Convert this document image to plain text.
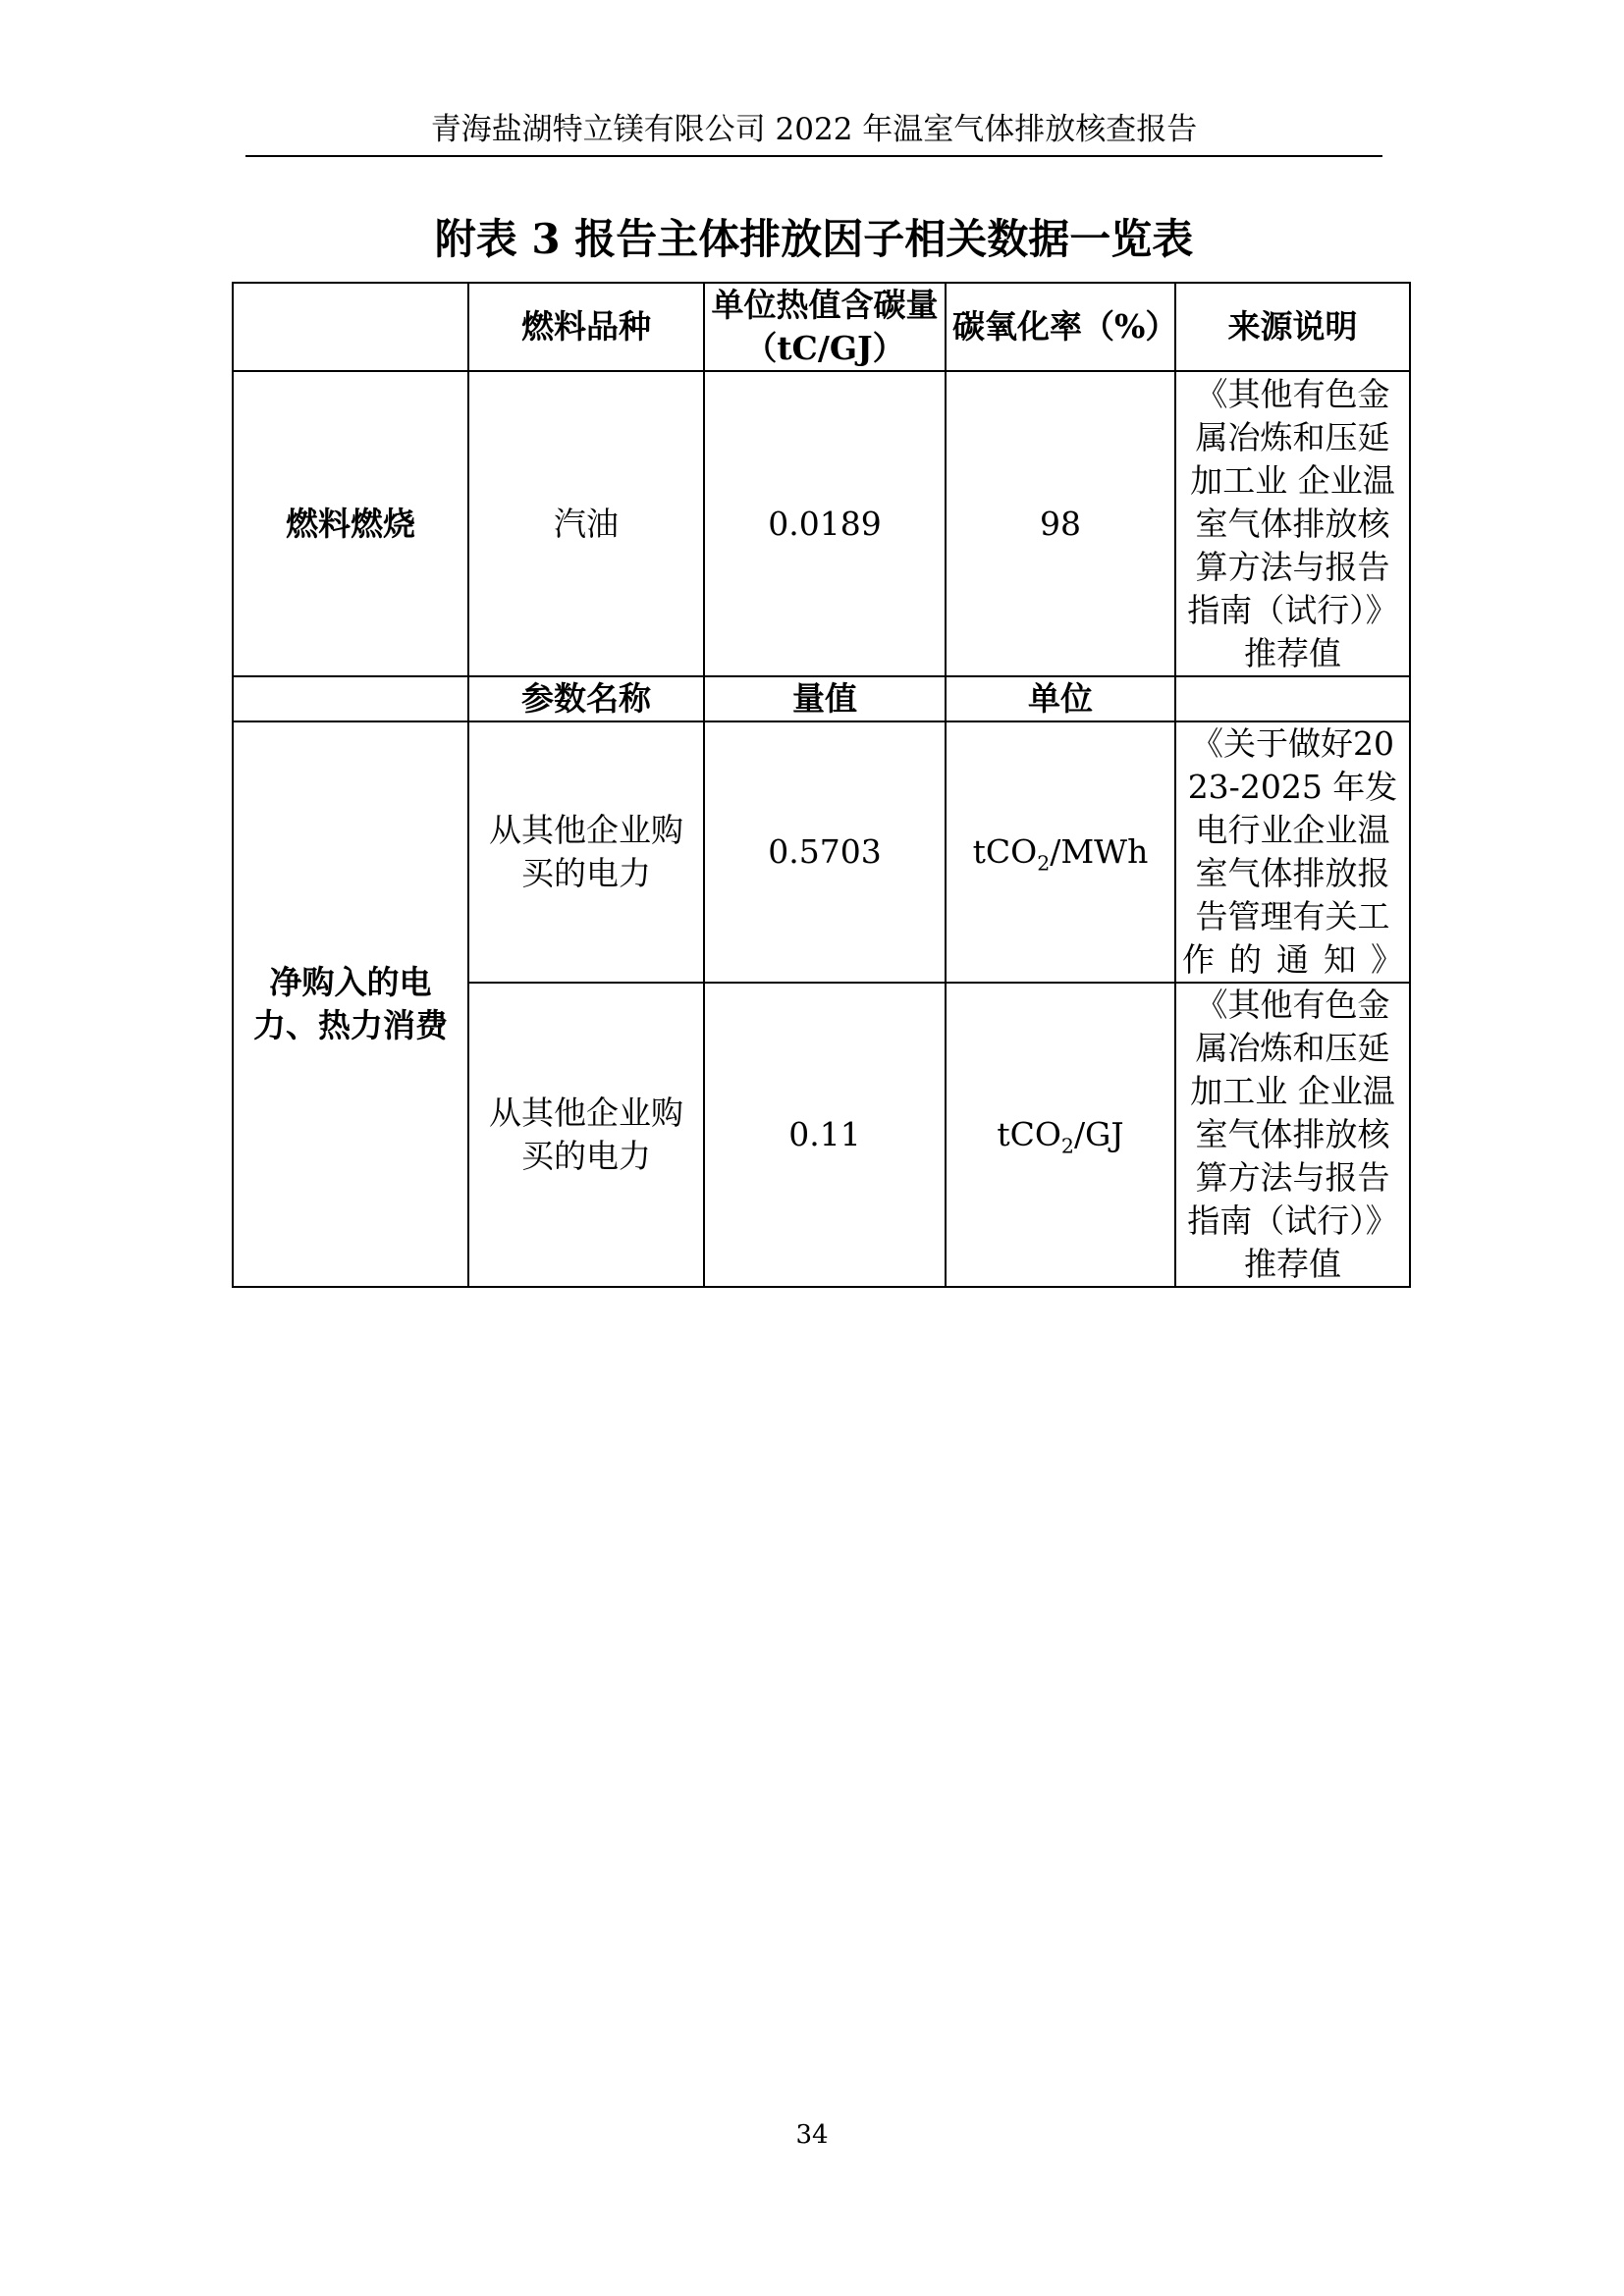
青海盐湖特立镁有限公司 2022 年温室气体排放核查报告
附表 3 报告主体排放因子相关数据一览表
	燃料品种	单位热值含碳量（tC/GJ）	碳氧化率（%）	来源说明
燃料燃烧	汽油	0.0189	98	《其他有色金属冶炼和压延加工业 企业温室气体排放核算方法与报告指南（试行）》推荐值
	参数名称	量值	单位	
净购入的电力、热力消费	从其他企业购买的电力	0.5703	tCO$_2$/MWh	《关于做好2023-2025 年发电行业企业温室气体排放报告管理有关工作的通知》
	从其他企业购买的电力	0.11	tCO$_2$/GJ	《其他有色金属冶炼和压延加工业 企业温室气体排放核算方法与报告指南（试行）》推荐值
34
